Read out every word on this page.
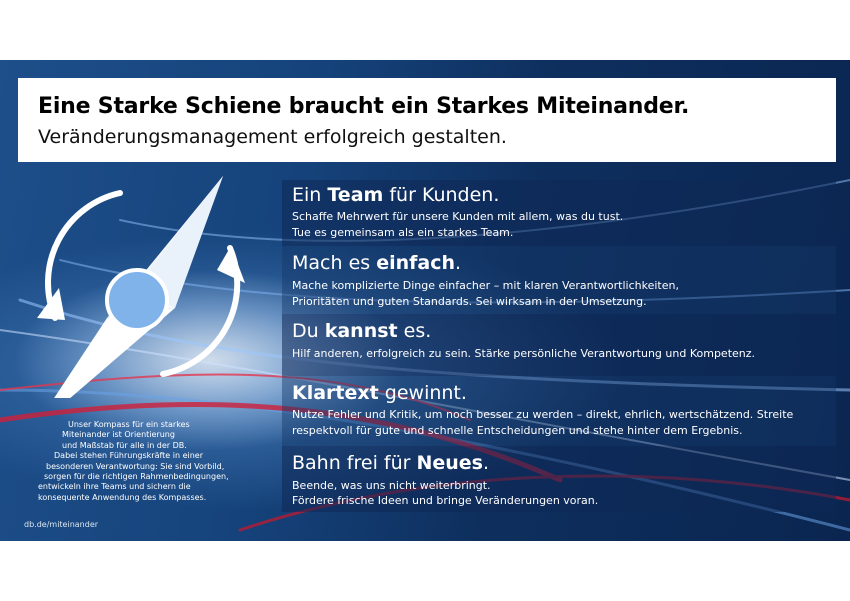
Eine Starke Schiene braucht ein Starkes Miteinander.
Veränderungsmanagement erfolgreich gestalten.
Ein Team für Kunden.
Schaffe Mehrwert für unsere Kunden mit allem, was du tust.
Tue es gemeinsam als ein starkes Team.
Mach es einfach.
Mache komplizierte Dinge einfacher – mit klaren Verantwortlichkeiten,
Prioritäten und guten Standards. Sei wirksam in der Umsetzung.
Du kannst es.
Hilf anderen, erfolgreich zu sein. Stärke persönliche Verantwortung und Kompetenz.
Klartext gewinnt.
Nutze Fehler und Kritik, um noch besser zu werden – direkt, ehrlich, wertschätzend. Streite
respektvoll für gute und schnelle Entscheidungen und stehe hinter dem Ergebnis.
Bahn frei für Neues.
Beende, was uns nicht weiterbringt.
Fördere frische Ideen und bringe Veränderungen voran.
Unser Kompass für ein starkes
Miteinander ist Orientierung
und Maßstab für alle in der DB.
Dabei stehen Führungskräfte in einer
besonderen Verantwortung: Sie sind Vorbild,
sorgen für die richtigen Rahmenbedingungen,
entwickeln ihre Teams und sichern die
konsequente Anwendung des Kompasses.
db.de/miteinander
